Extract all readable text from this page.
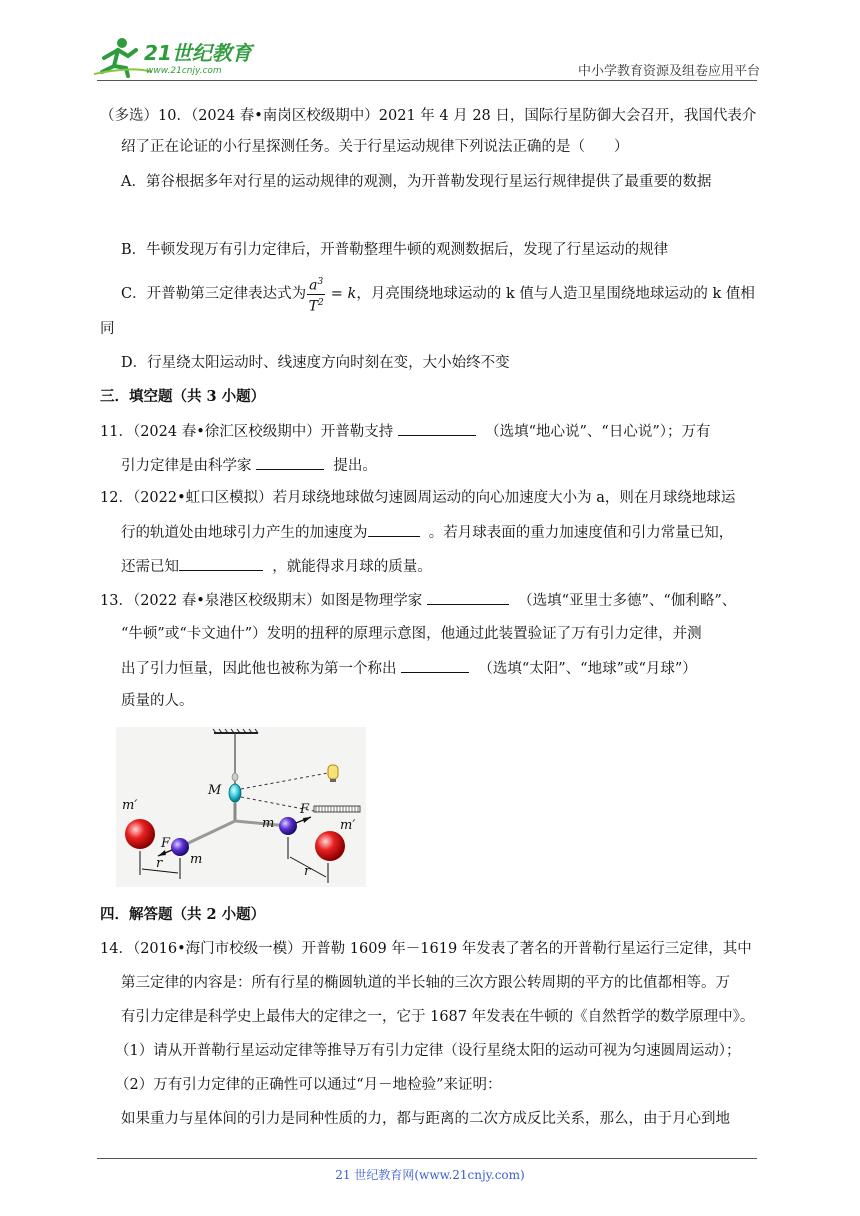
21世纪教育
www.21cnjy.com	中小学教育资源及组卷应用平台
（多选）10．（2024 春•南岗区校级期中）2021 年 4 月 28 日，国际行星防御大会召开，我国代表介
绍了正在论证的小行星探测任务。关于行星运动规律下列说法正确的是（　　）
A．第谷根据多年对行星的运动规律的观测，为开普勒发现行星运行规律提供了最重要的数据
B．牛顿发现万有引力定律后，开普勒整理牛顿的观测数据后，发现了行星运动的规律
C．开普勒第三定律表达式为 $\frac{a^3}{T^2} = k$，月亮围绕地球运动的 k 值与人造卫星围绕地球运动的 k 值相
同
D．行星绕太阳运动时、线速度方向时刻在变，大小始终不变
三．填空题（共 3 小题）
11．（2024 春•徐汇区校级期中）开普勒支持	（选填“地心说”、“日心说”）；万有
引力定律是由科学家	提出。
12．（2022•虹口区模拟）若月球绕地球做匀速圆周运动的向心加速度大小为 a，则在月球绕地球运
行的轨道处由地球引力产生的加速度为	。若月球表面的重力加速度值和引力常量已知，
还需已知	，就能得求月球的质量。
13．（2022 春•泉港区校级期末）如图是物理学家	（选填“亚里士多德”、“伽利略”、
“牛顿”或“卡文迪什”）发明的扭秤的原理示意图，他通过此装置验证了万有引力定律，并测
出了引力恒量，因此他也被称为第一个称出	（选填“太阳”、“地球”或“月球”）
质量的人。
M
m′
m′
m
m
F
F
r
r
四．解答题（共 2 小题）
14．（2016•海门市校级一模）开普勒 1609 年－1619 年发表了著名的开普勒行星运行三定律，其中
第三定律的内容是：所有行星的椭圆轨道的半长轴的三次方跟公转周期的平方的比值都相等。万
有引力定律是科学史上最伟大的定律之一，它于 1687 年发表在牛顿的《自然哲学的数学原理中》。
（1）请从开普勒行星运动定律等推导万有引力定律（设行星绕太阳的运动可视为匀速圆周运动）；
（2）万有引力定律的正确性可以通过“月－地检验”来证明：
如果重力与星体间的引力是同种性质的力，都与距离的二次方成反比关系，那么，由于月心到地
21 世纪教育网(www.21cnjy.com)
